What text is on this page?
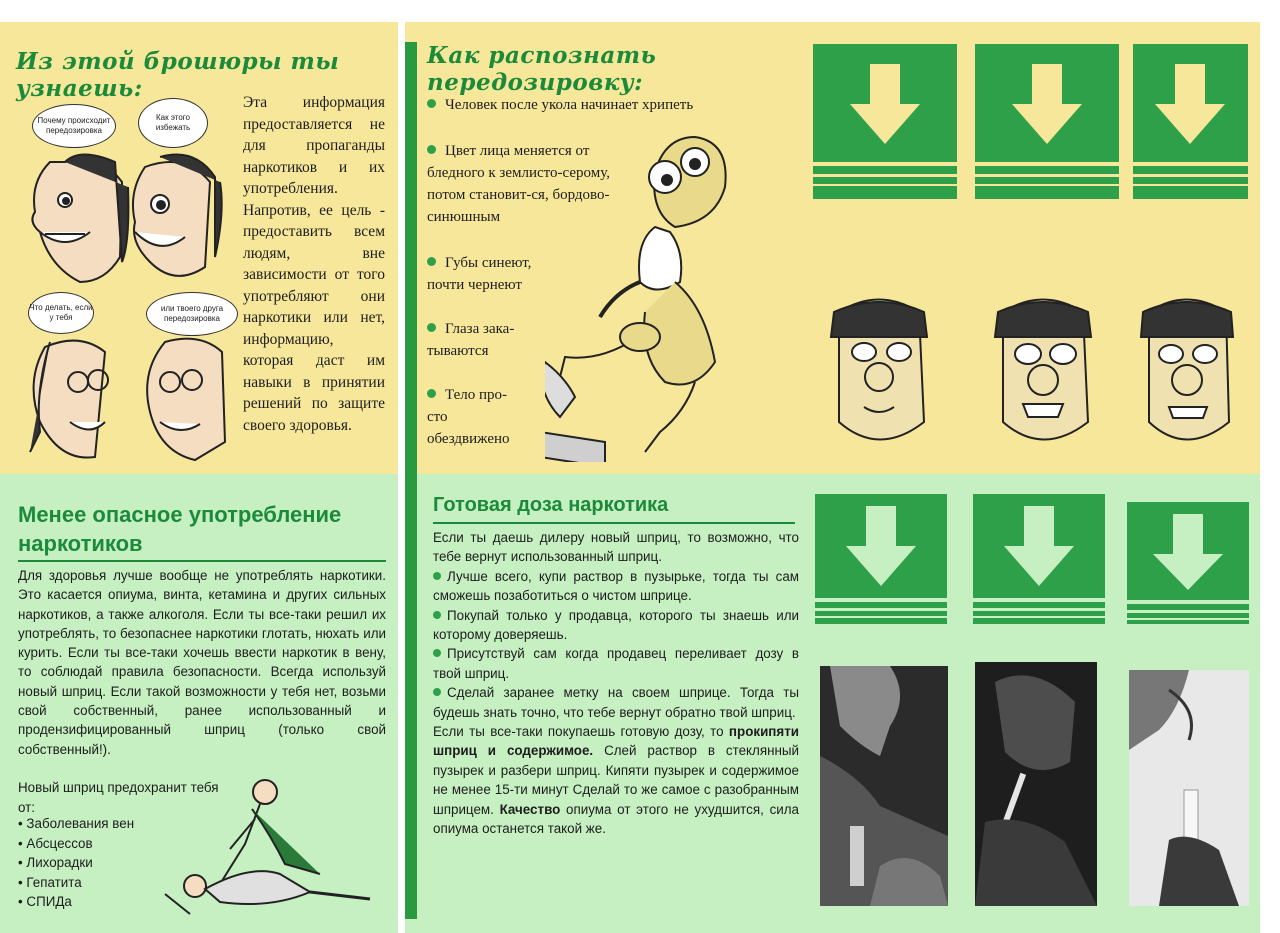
Из этой брошюры ты узнаешь:
Почему происходит передозировка
Как этого избежать
Что делать, если у тебя
или твоего друга передозировка
Эта информация предоставляется не для пропаганды наркотиков и их употребления. Напротив, ее цель - предоставить всем людям, вне зависимости от того употребляют они наркотики или нет, информацию, которая даст им навыки в принятии решений по защите своего здоровья.
Как распознать передозировку:
Человек после укола начинает хрипеть
Цвет лица меняется от бледного к землисто-серому, потом становит-ся, бордово-синюшным
Губы синеют, почти чернеют
Глаза зака-тываются
Тело про-сто обездвижено
Менее опасное употребление наркотиков
Для здоровья лучше вообще не употреблять наркотики. Это касается опиума, винта, кетамина и других сильных наркотиков, а также алкоголя. Если ты все-таки решил их употреблять, то безопаснее наркотики глотать, нюхать или курить. Если ты все-таки хочешь ввести наркотик в вену, то соблюдай правила безопасности. Всегда используй новый шприц. Если такой возможности у тебя нет, возьми свой собственный, ранее использованный и продензифицированный шприц (только свой собственный!).
Новый шприц предохранит тебя от:
• Заболевания вен
• Абсцессов
• Лихорадки
• Гепатита
• СПИДа
Готовая доза наркотика

Если ты даешь дилеру новый шприц, то возможно, что тебе вернут использованный шприц.

Лучше всего, купи раствор в пузырьке, тогда ты сам сможешь позаботиться о чистом шприце.

Покупай только у продавца, которого ты знаешь или которому доверяешь.

Присутствуй сам когда продавец переливает дозу в твой шприц.

Сделай заранее метку на своем шприце. Тогда ты будешь знать точно, что тебе вернут обратно твой шприц.

Если ты все-таки покупаешь готовую дозу, то прокипяти шприц и содержимое. Слей раствор в стеклянный пузырек и разбери шприц. Кипяти пузырек и содержимое не менее 15-ти минут Сделай то же самое с разобранным шприцем. Качество опиума от этого не ухудшится, сила опиума останется такой же.
